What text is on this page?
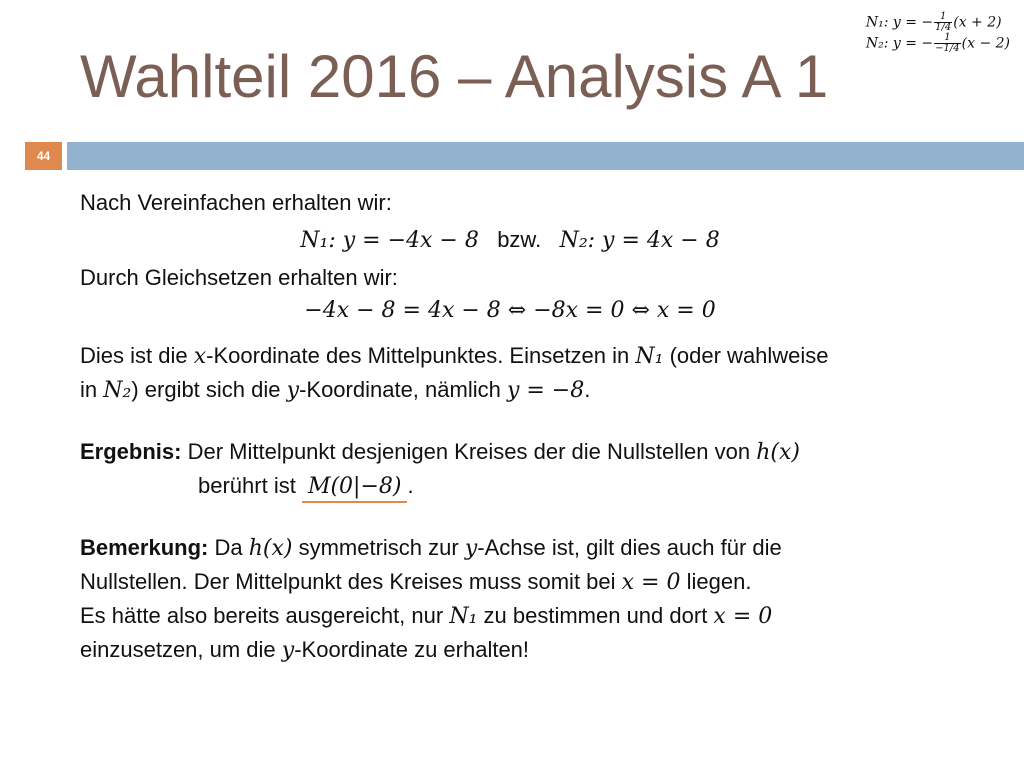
Wahlteil 2016 – Analysis A 1
N₁: y = − $\frac{1}{1/4} (x + 2)$
N₂: y = − $\frac{1}{-1/4} (x - 2)$
44
Nach Vereinfachen erhalten wir:
N₁: y = −4x − 8 bzw. N₂: y = 4x − 8
Durch Gleichsetzen erhalten wir:
−4x − 8 = 4x − 8 ⇔ −8x = 0 ⇔ x = 0
Dies ist die x-Koordinate des Mittelpunktes. Einsetzen in N₁ (oder wahlweise
in N₂) ergibt sich die y-Koordinate, nämlich y = −8.
Ergebnis: Der Mittelpunkt desjenigen Kreises der die Nullstellen von h(x)
berührt ist M(0|−8) .
Bemerkung: Da h(x) symmetrisch zur y-Achse ist, gilt dies auch für die
Nullstellen. Der Mittelpunkt des Kreises muss somit bei x = 0 liegen.
Es hätte also bereits ausgereicht, nur N₁ zu bestimmen und dort x = 0
einzusetzen, um die y-Koordinate zu erhalten!
